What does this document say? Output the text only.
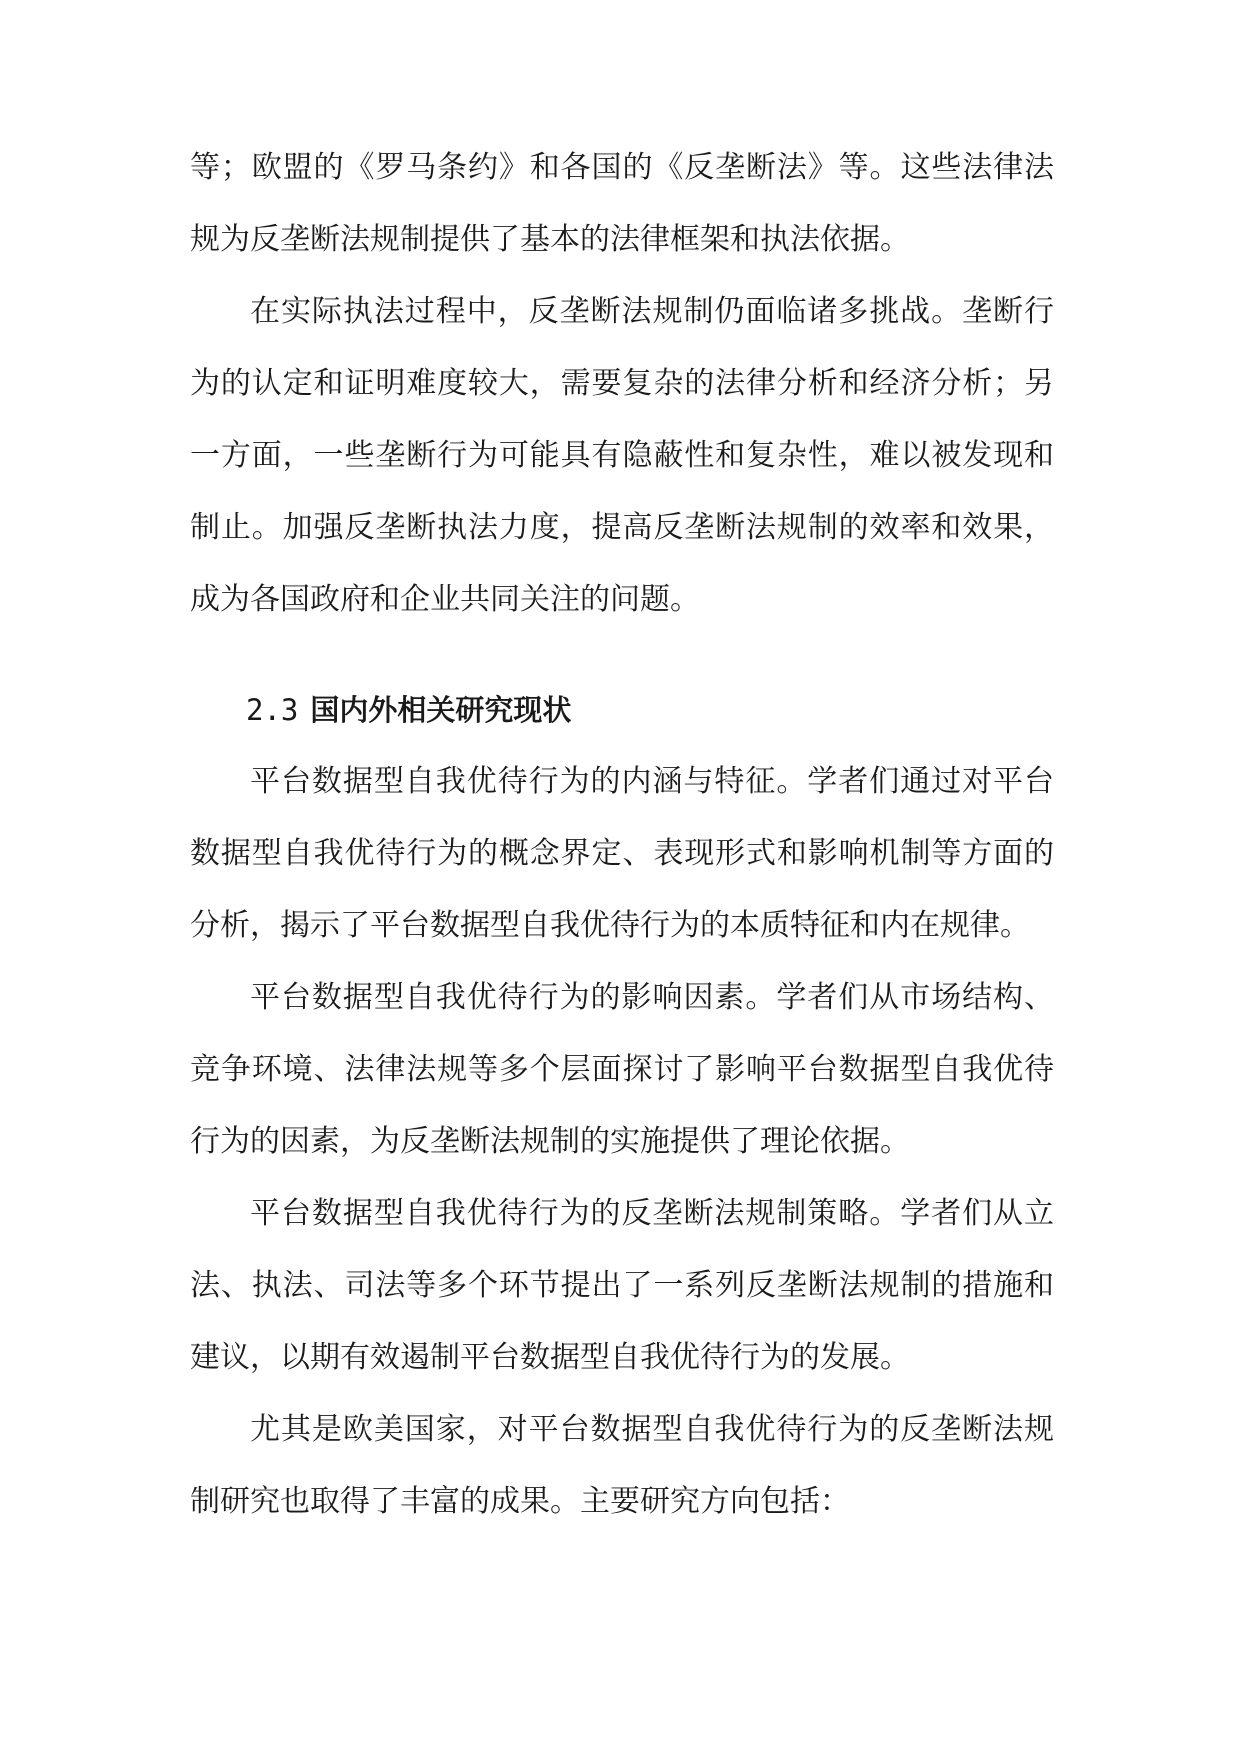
等；欧盟的《罗马条约》和各国的《反垄断法》等。这些法律法规为反垄断法规制提供了基本的法律框架和执法依据。

在实际执法过程中，反垄断法规制仍面临诸多挑战。垄断行为的认定和证明难度较大，需要复杂的法律分析和经济分析；另一方面，一些垄断行为可能具有隐蔽性和复杂性，难以被发现和制止。加强反垄断执法力度，提高反垄断法规制的效率和效果，成为各国政府和企业共同关注的问题。

2.3 国内外相关研究现状

平台数据型自我优待行为的内涵与特征。学者们通过对平台数据型自我优待行为的概念界定、表现形式和影响机制等方面的分析，揭示了平台数据型自我优待行为的本质特征和内在规律。

平台数据型自我优待行为的影响因素。学者们从市场结构、竞争环境、法律法规等多个层面探讨了影响平台数据型自我优待行为的因素，为反垄断法规制的实施提供了理论依据。

平台数据型自我优待行为的反垄断法规制策略。学者们从立法、执法、司法等多个环节提出了一系列反垄断法规制的措施和建议，以期有效遏制平台数据型自我优待行为的发展。

尤其是欧美国家，对平台数据型自我优待行为的反垄断法规制研究也取得了丰富的成果。主要研究方向包括：
